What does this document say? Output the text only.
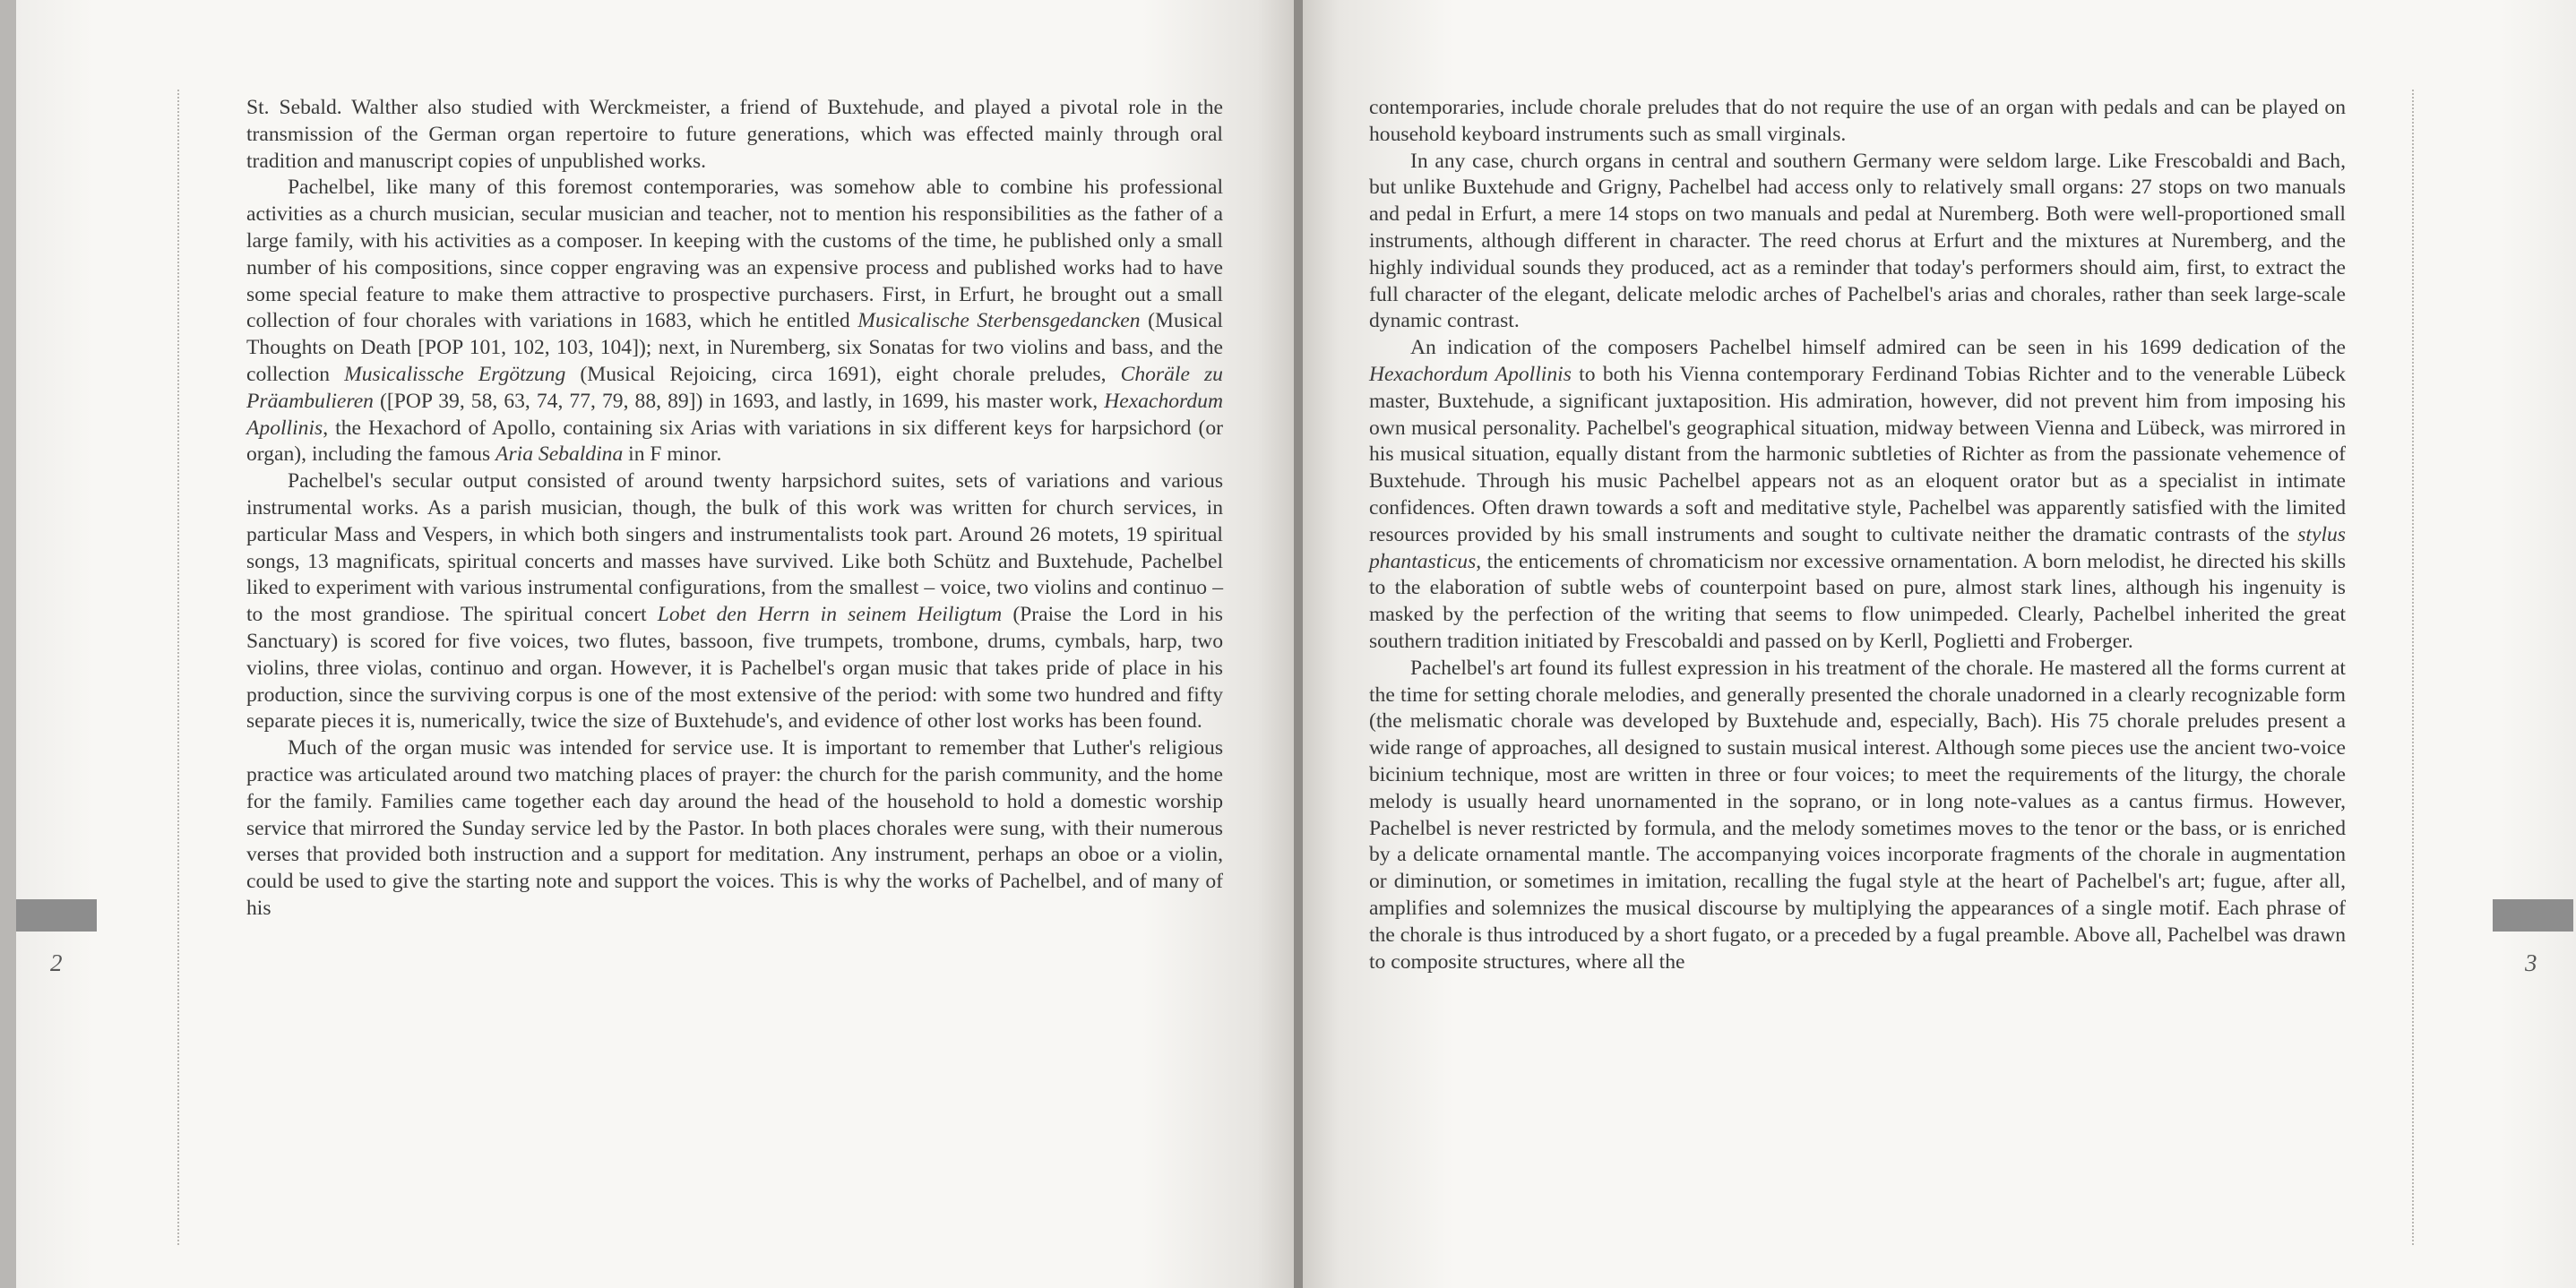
2	3

St. Sebald. Walther also studied with Werckmeister, a friend of Buxtehude, and played a pivotal role in the transmission of the German organ repertoire to future generations, which was effected mainly through oral tradition and manuscript copies of unpublished works.

Pachelbel, like many of this foremost contemporaries, was somehow able to combine his professional activities as a church musician, secular musician and teacher, not to mention his responsibilities as the father of a large family, with his activities as a composer. In keeping with the customs of the time, he published only a small number of his compositions, since copper engraving was an expensive process and published works had to have some special feature to make them attractive to prospective purchasers. First, in Erfurt, he brought out a small collection of four chorales with variations in 1683, which he entitled Musicalische Sterbensgedancken (Musical Thoughts on Death [POP 101, 102, 103, 104]); next, in Nuremberg, six Sonatas for two violins and bass, and the collection Musicalissche Ergötzung (Musical Rejoicing, circa 1691), eight chorale preludes, Choräle zu Präambulieren ([POP 39, 58, 63, 74, 77, 79, 88, 89]) in 1693, and lastly, in 1699, his master work, Hexachordum Apollinis, the Hexachord of Apollo, containing six Arias with variations in six different keys for harpsichord (or organ), including the famous Aria Sebaldina in F minor.

Pachelbel's secular output consisted of around twenty harpsichord suites, sets of variations and various instrumental works. As a parish musician, though, the bulk of this work was written for church services, in particular Mass and Vespers, in which both singers and instrumentalists took part. Around 26 motets, 19 spiritual songs, 13 magnificats, spiritual concerts and masses have survived. Like both Schütz and Buxtehude, Pachelbel liked to experiment with various instrumental configurations, from the smallest – voice, two violins and continuo – to the most grandiose. The spiritual concert Lobet den Herrn in seinem Heiligtum (Praise the Lord in his Sanctuary) is scored for five voices, two flutes, bassoon, five trumpets, trombone, drums, cymbals, harp, two violins, three violas, continuo and organ. However, it is Pachelbel's organ music that takes pride of place in his production, since the surviving corpus is one of the most extensive of the period: with some two hundred and fifty separate pieces it is, numerically, twice the size of Buxtehude's, and evidence of other lost works has been found.

Much of the organ music was intended for service use. It is important to remember that Luther's religious practice was articulated around two matching places of prayer: the church for the parish community, and the home for the family. Families came together each day around the head of the household to hold a domestic worship service that mirrored the Sunday service led by the Pastor. In both places chorales were sung, with their numerous verses that provided both instruction and a support for meditation. Any instrument, perhaps an oboe or a violin, could be used to give the starting note and support the voices. This is why the works of Pachelbel, and of many of his

contemporaries, include chorale preludes that do not require the use of an organ with pedals and can be played on household keyboard instruments such as small virginals.

In any case, church organs in central and southern Germany were seldom large. Like Frescobaldi and Bach, but unlike Buxtehude and Grigny, Pachelbel had access only to relatively small organs: 27 stops on two manuals and pedal in Erfurt, a mere 14 stops on two manuals and pedal at Nuremberg. Both were well-proportioned small instruments, although different in character. The reed chorus at Erfurt and the mixtures at Nuremberg, and the highly individual sounds they produced, act as a reminder that today's performers should aim, first, to extract the full character of the elegant, delicate melodic arches of Pachelbel's arias and chorales, rather than seek large-scale dynamic contrast.

An indication of the composers Pachelbel himself admired can be seen in his 1699 dedication of the Hexachordum Apollinis to both his Vienna contemporary Ferdinand Tobias Richter and to the venerable Lübeck master, Buxtehude, a significant juxtaposition. His admiration, however, did not prevent him from imposing his own musical personality. Pachelbel's geographical situation, midway between Vienna and Lübeck, was mirrored in his musical situation, equally distant from the harmonic subtleties of Richter as from the passionate vehemence of Buxtehude. Through his music Pachelbel appears not as an eloquent orator but as a specialist in intimate confidences. Often drawn towards a soft and meditative style, Pachelbel was apparently satisfied with the limited resources provided by his small instruments and sought to cultivate neither the dramatic contrasts of the stylus phantasticus, the enticements of chromaticism nor excessive ornamentation. A born melodist, he directed his skills to the elaboration of subtle webs of counterpoint based on pure, almost stark lines, although his ingenuity is masked by the perfection of the writing that seems to flow unimpeded. Clearly, Pachelbel inherited the great southern tradition initiated by Frescobaldi and passed on by Kerll, Poglietti and Froberger.

Pachelbel's art found its fullest expression in his treatment of the chorale. He mastered all the forms current at the time for setting chorale melodies, and generally presented the chorale unadorned in a clearly recognizable form (the melismatic chorale was developed by Buxtehude and, especially, Bach). His 75 chorale preludes present a wide range of approaches, all designed to sustain musical interest. Although some pieces use the ancient two-voice bicinium technique, most are written in three or four voices; to meet the requirements of the liturgy, the chorale melody is usually heard unornamented in the soprano, or in long note-values as a cantus firmus. However, Pachelbel is never restricted by formula, and the melody sometimes moves to the tenor or the bass, or is enriched by a delicate ornamental mantle. The accompanying voices incorporate fragments of the chorale in augmentation or diminution, or sometimes in imitation, recalling the fugal style at the heart of Pachelbel's art; fugue, after all, amplifies and solemnizes the musical discourse by multiplying the appearances of a single motif. Each phrase of the chorale is thus introduced by a short fugato, or a preceded by a fugal preamble. Above all, Pachelbel was drawn to composite structures, where all the
